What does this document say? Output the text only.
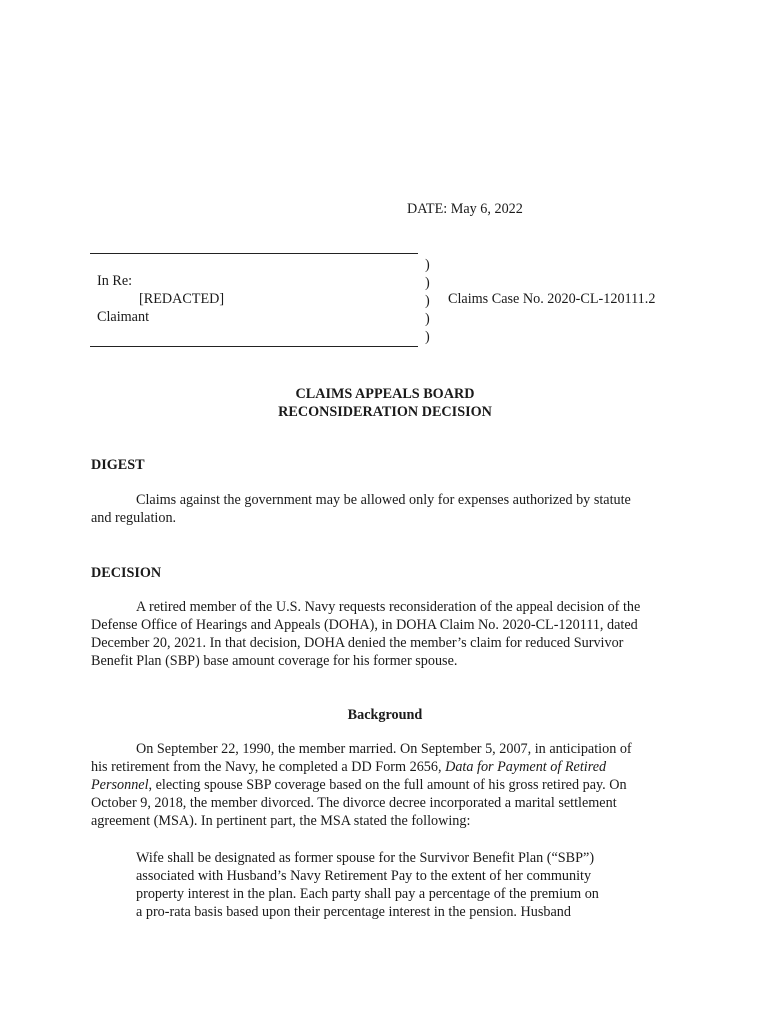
DATE: May 6, 2022
)
)
)
)
)
In Re:
[REDACTED]
Claimant
Claims Case No. 2020-CL-120111.2
CLAIMS APPEALS BOARD
RECONSIDERATION DECISION
DIGEST
Claims against the government may be allowed only for expenses authorized by statute
and regulation.
DECISION
A retired member of the U.S. Navy requests reconsideration of the appeal decision of the
Defense Office of Hearings and Appeals (DOHA), in DOHA Claim No. 2020-CL-120111, dated
December 20, 2021. In that decision, DOHA denied the member’s claim for reduced Survivor
Benefit Plan (SBP) base amount coverage for his former spouse.
Background
On September 22, 1990, the member married. On September 5, 2007, in anticipation of
his retirement from the Navy, he completed a DD Form 2656, Data for Payment of Retired
Personnel, electing spouse SBP coverage based on the full amount of his gross retired pay. On
October 9, 2018, the member divorced. The divorce decree incorporated a marital settlement
agreement (MSA). In pertinent part, the MSA stated the following:
Wife shall be designated as former spouse for the Survivor Benefit Plan (“SBP”)
associated with Husband’s Navy Retirement Pay to the extent of her community
property interest in the plan. Each party shall pay a percentage of the premium on
a pro-rata basis based upon their percentage interest in the pension. Husband
